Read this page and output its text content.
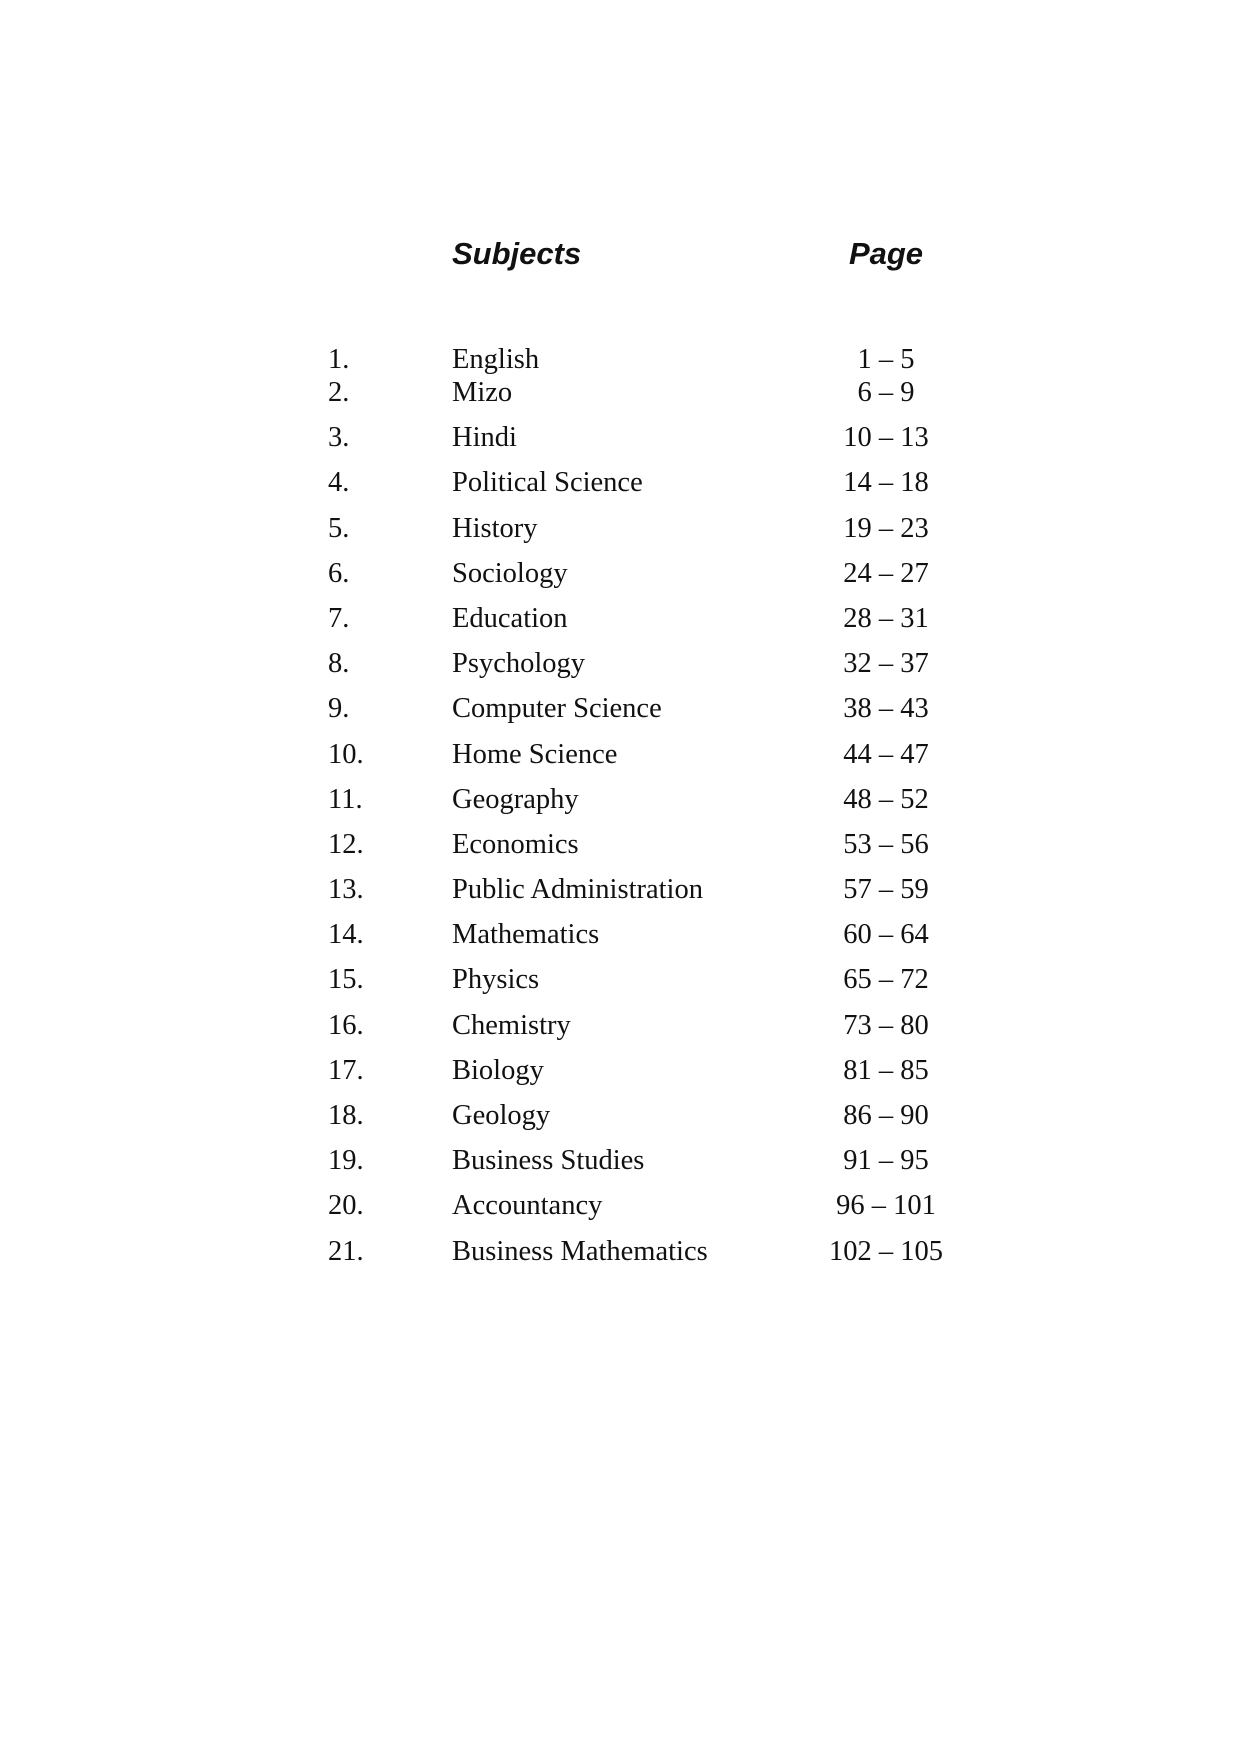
Subjects	Page
1.	English	1 – 5
2.	Mizo	6 – 9
3.	Hindi	10 – 13
4.	Political Science	14 – 18
5.	History	19 – 23
6.	Sociology	24 – 27
7.	Education	28 – 31
8.	Psychology	32 – 37
9.	Computer Science	38 – 43
10.	Home Science	44 – 47
11.	Geography	48 – 52
12.	Economics	53 – 56
13.	Public Administration	57 – 59
14.	Mathematics	60 – 64
15.	Physics	65 – 72
16.	Chemistry	73 – 80
17.	Biology	81 – 85
18.	Geology	86 – 90
19.	Business Studies	91 – 95
20.	Accountancy	96 – 101
21.	Business Mathematics	102 – 105
